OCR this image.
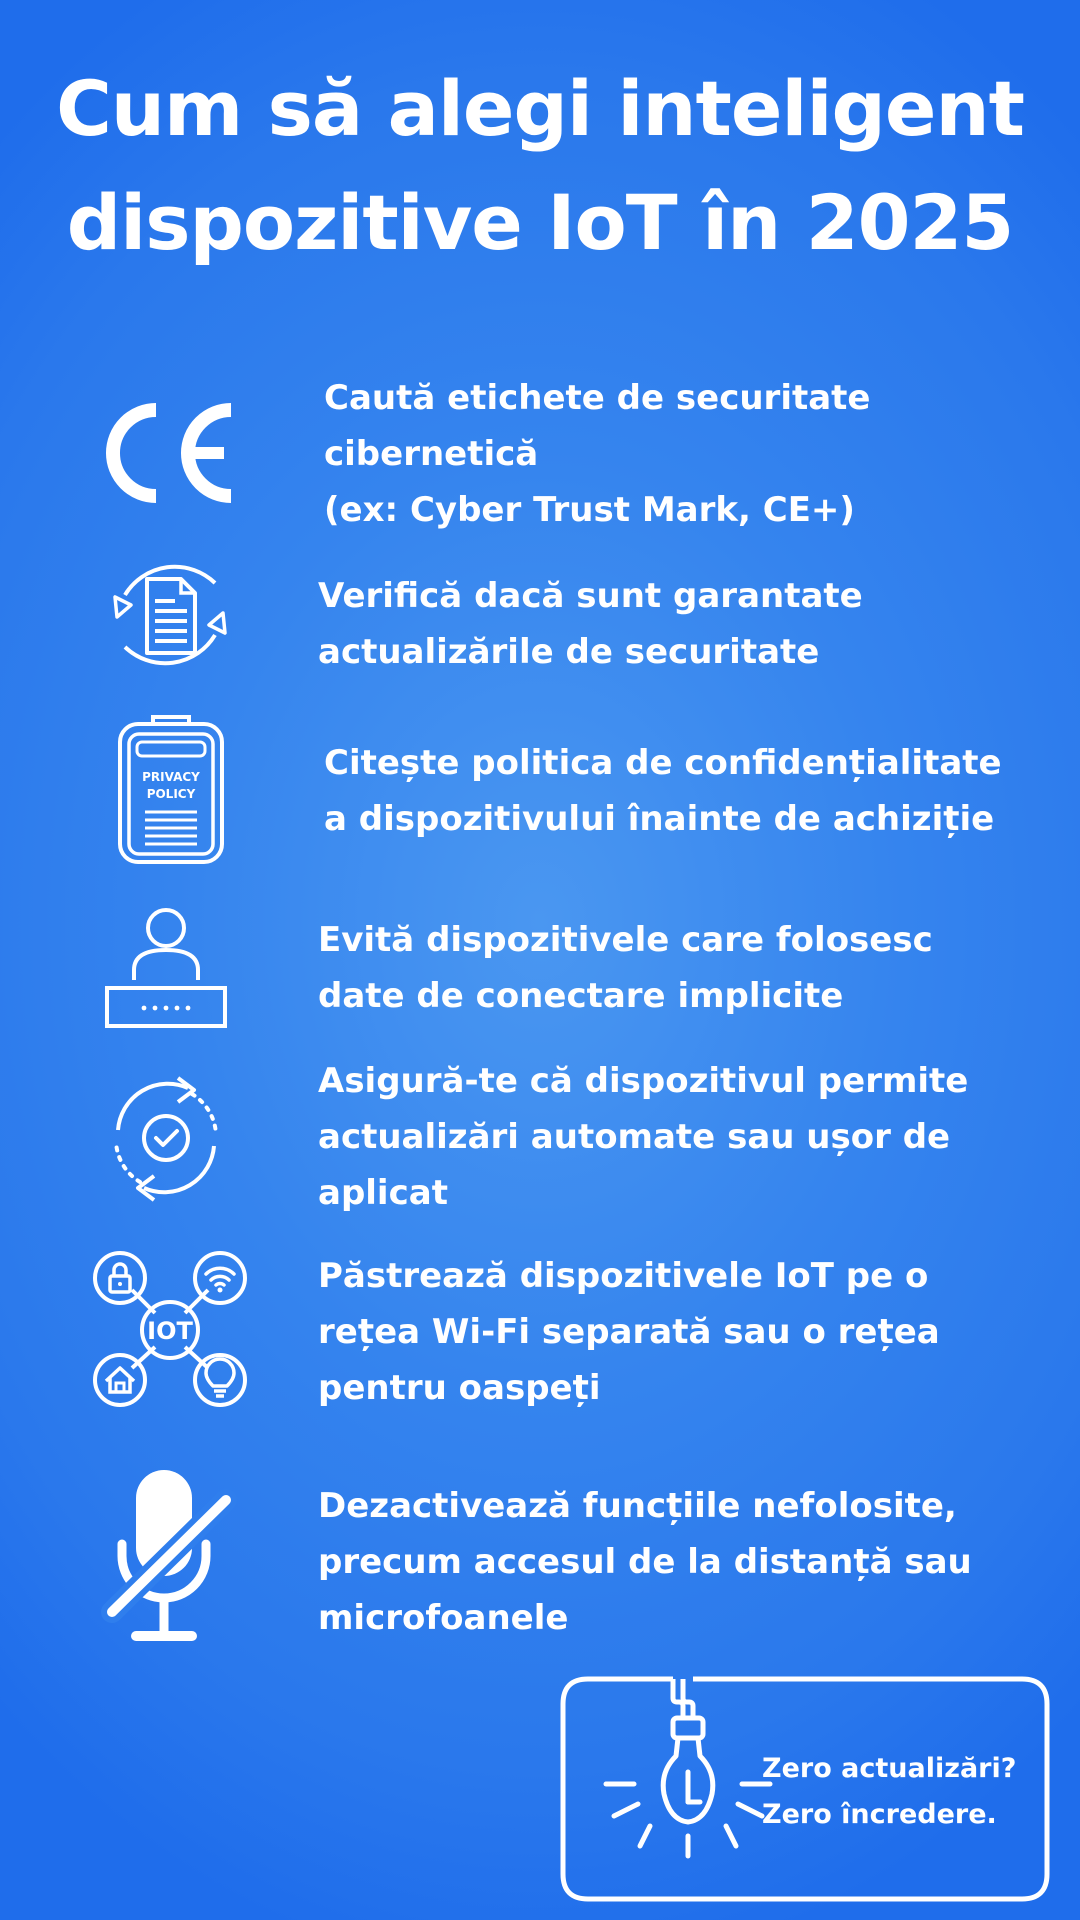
Cum să alegi inteligent
dispozitive IoT în 2025
Caută etichete de securitate
cibernetică
(ex: Cyber Trust Mark, CE+)
Verifică dacă sunt garantate
actualizările de securitate
PRIVACY
POLICY
Citește politica de confidențialitate
a dispozitivului înainte de achiziție
Evită dispozitivele care folosesc
date de conectare implicite
Asigură-te că dispozitivul permite
actualizări automate sau ușor de
aplicat
IOT
Păstrează dispozitivele IoT pe o
rețea Wi-Fi separată sau o rețea
pentru oaspeți
Dezactivează funcțiile nefolosite,
precum accesul de la distanță sau
microfoanele
Zero actualizări?
Zero încredere.
